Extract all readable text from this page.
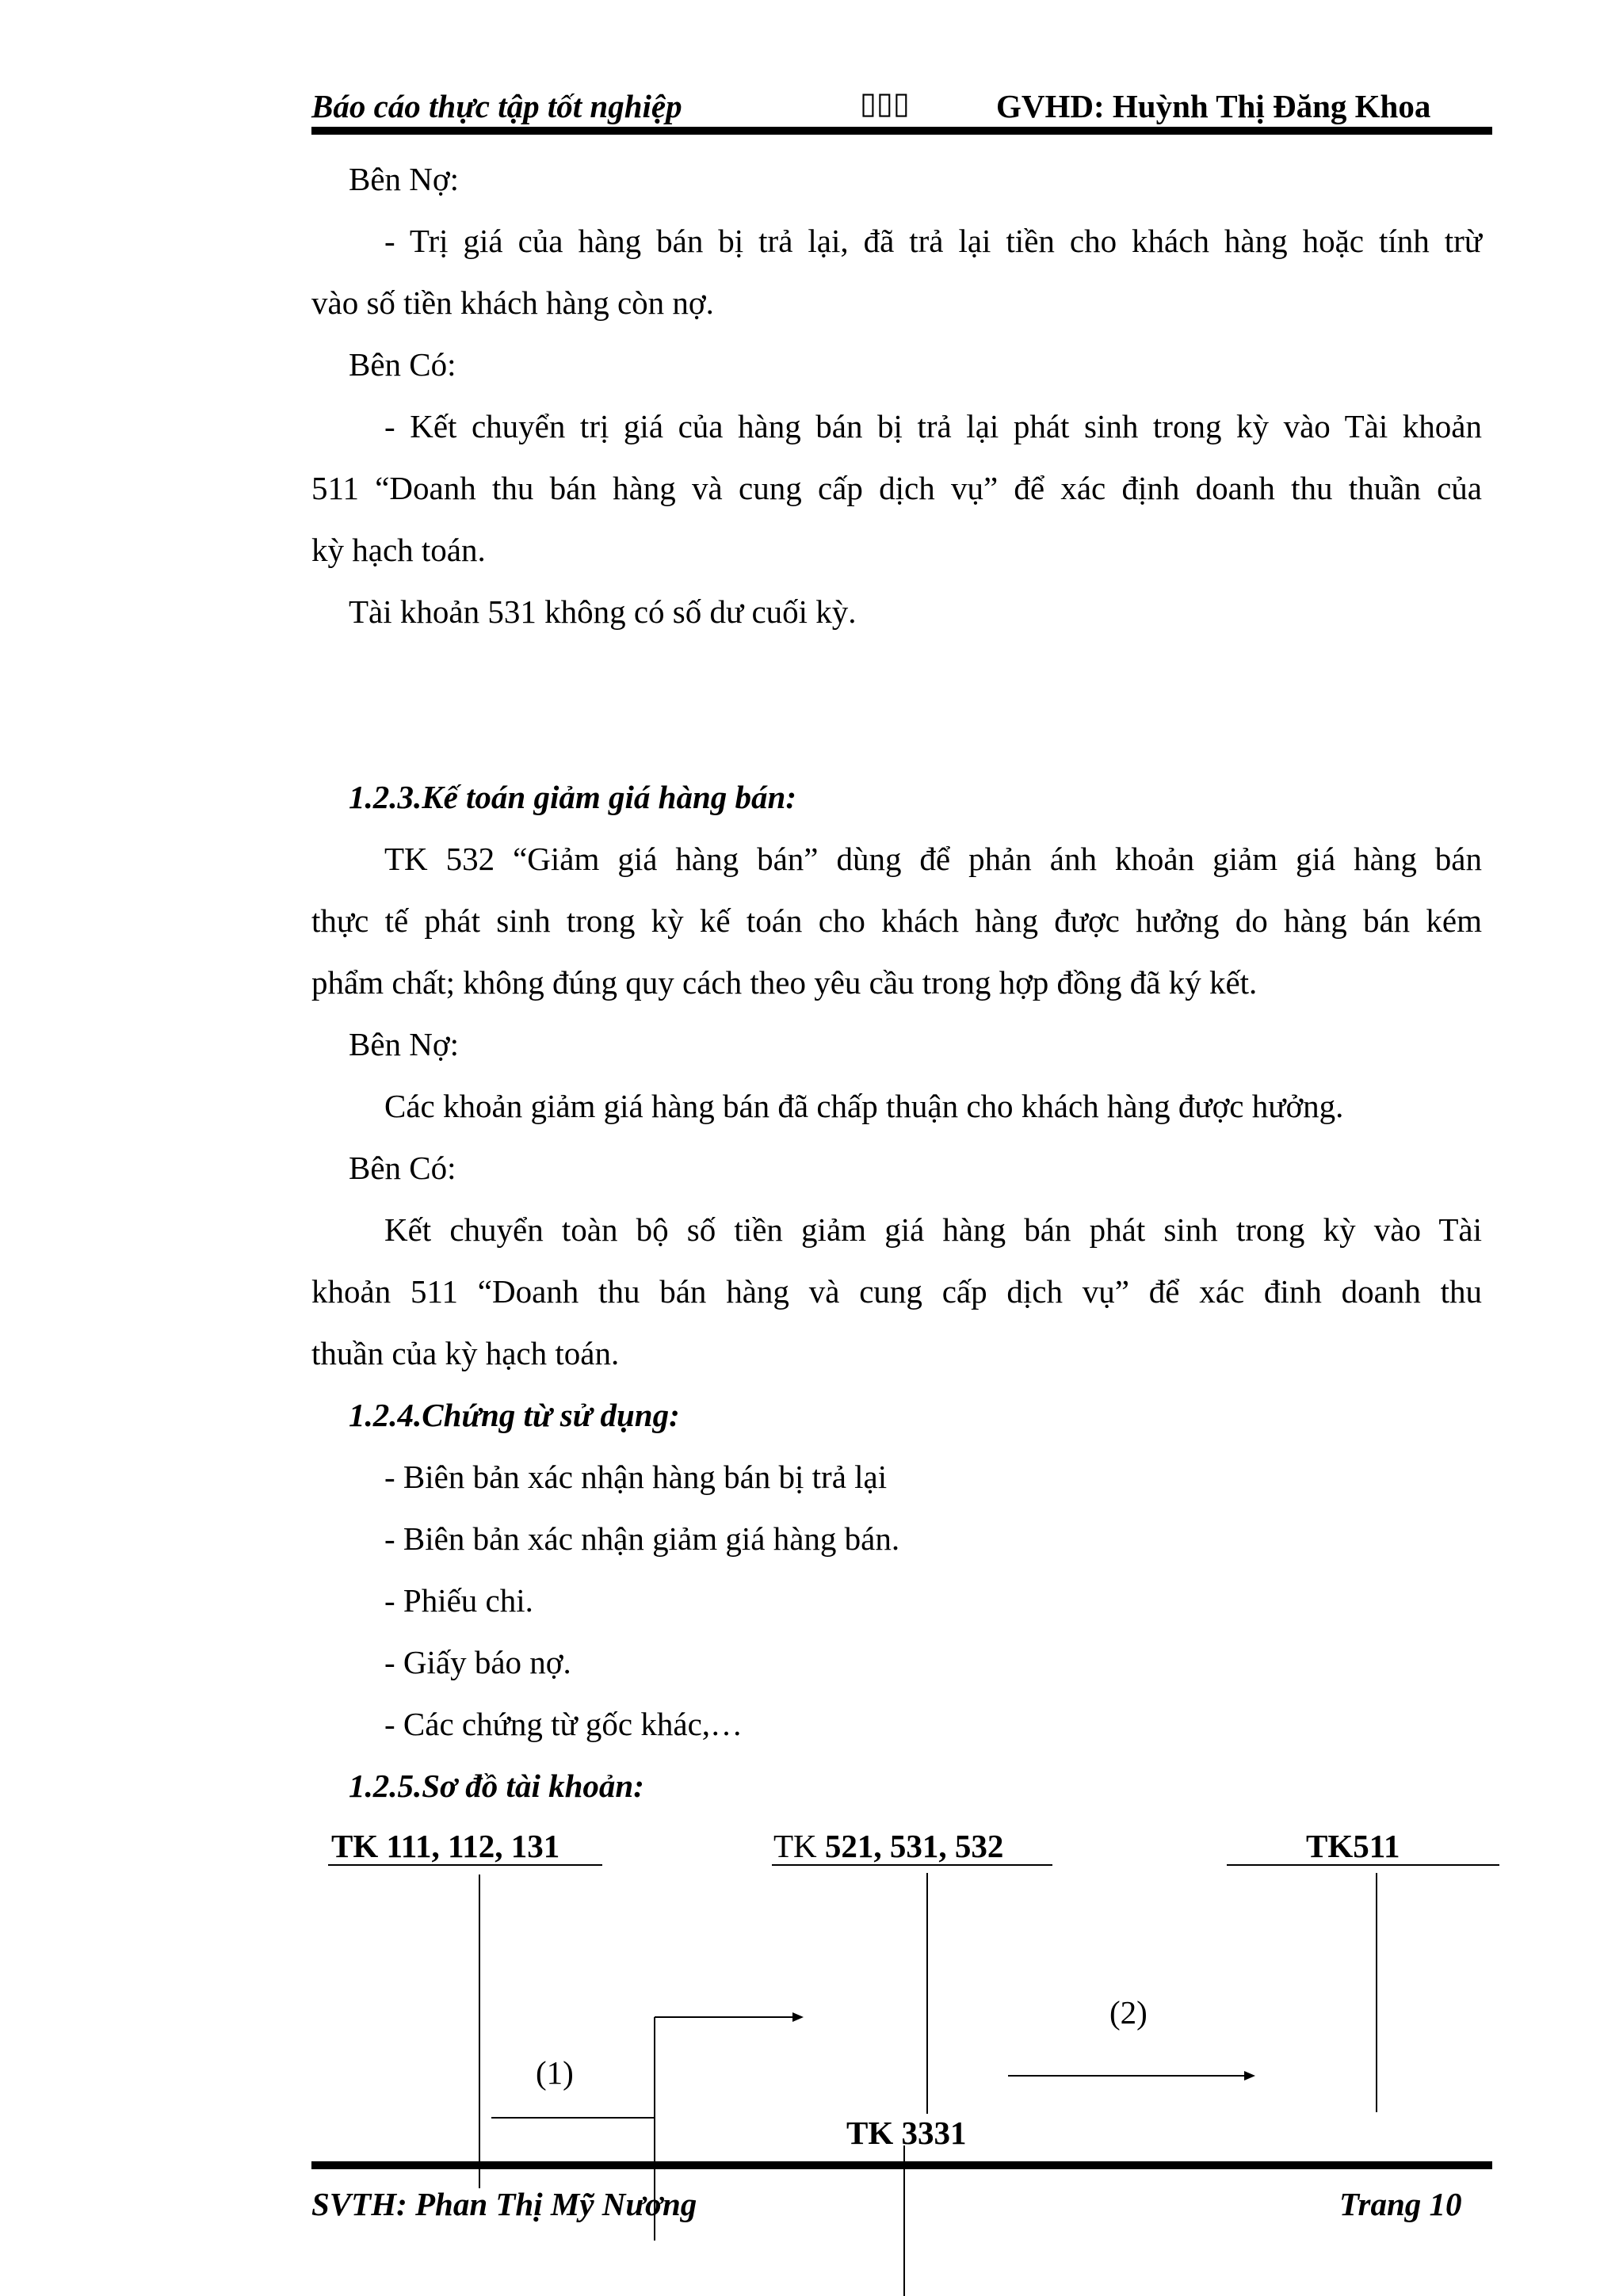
Báo cáo thực tập tốt nghiệp	▯▯▯	GVHD: Huỳnh Thị Đăng Khoa
Bên Nợ:
- Trị giá của hàng bán bị trả lại, đã trả lại tiền cho khách hàng hoặc tính trừ
vào số tiền khách hàng còn nợ.
Bên Có:
- Kết chuyển trị giá của hàng bán bị trả lại phát sinh trong kỳ vào Tài khoản
511 “Doanh thu bán hàng và cung cấp dịch vụ” để xác định doanh thu thuần của
kỳ hạch toán.
Tài khoản 531 không có số dư cuối kỳ.
1.2.3.Kế toán giảm giá hàng bán:
TK 532 “Giảm giá hàng bán” dùng để phản ánh khoản giảm giá hàng bán
thực tế phát sinh trong kỳ kế toán cho khách hàng được hưởng do hàng bán kém
phẩm chất; không đúng quy cách theo yêu cầu trong hợp đồng đã ký kết.
Bên Nợ:
Các khoản giảm giá hàng bán đã chấp thuận cho khách hàng được hưởng.
Bên Có:
Kết chuyển toàn bộ số tiền giảm giá hàng bán phát sinh trong kỳ vào Tài
khoản 511 “Doanh thu bán hàng và cung cấp dịch vụ” để xác đinh doanh thu
thuần của kỳ hạch toán.
1.2.4.Chứng từ sử dụng:
- Biên bản xác nhận hàng bán bị trả lại
- Biên bản xác nhận giảm giá hàng bán.
- Phiếu chi.
- Giấy báo nợ.
- Các chứng từ gốc khác,…
1.2.5.Sơ đồ tài khoản:
TK 111, 112, 131	TK 521, 531, 532	TK511
TK 3331
(1)
(2)
SVTH: Phan Thị Mỹ Nương	Trang 10
